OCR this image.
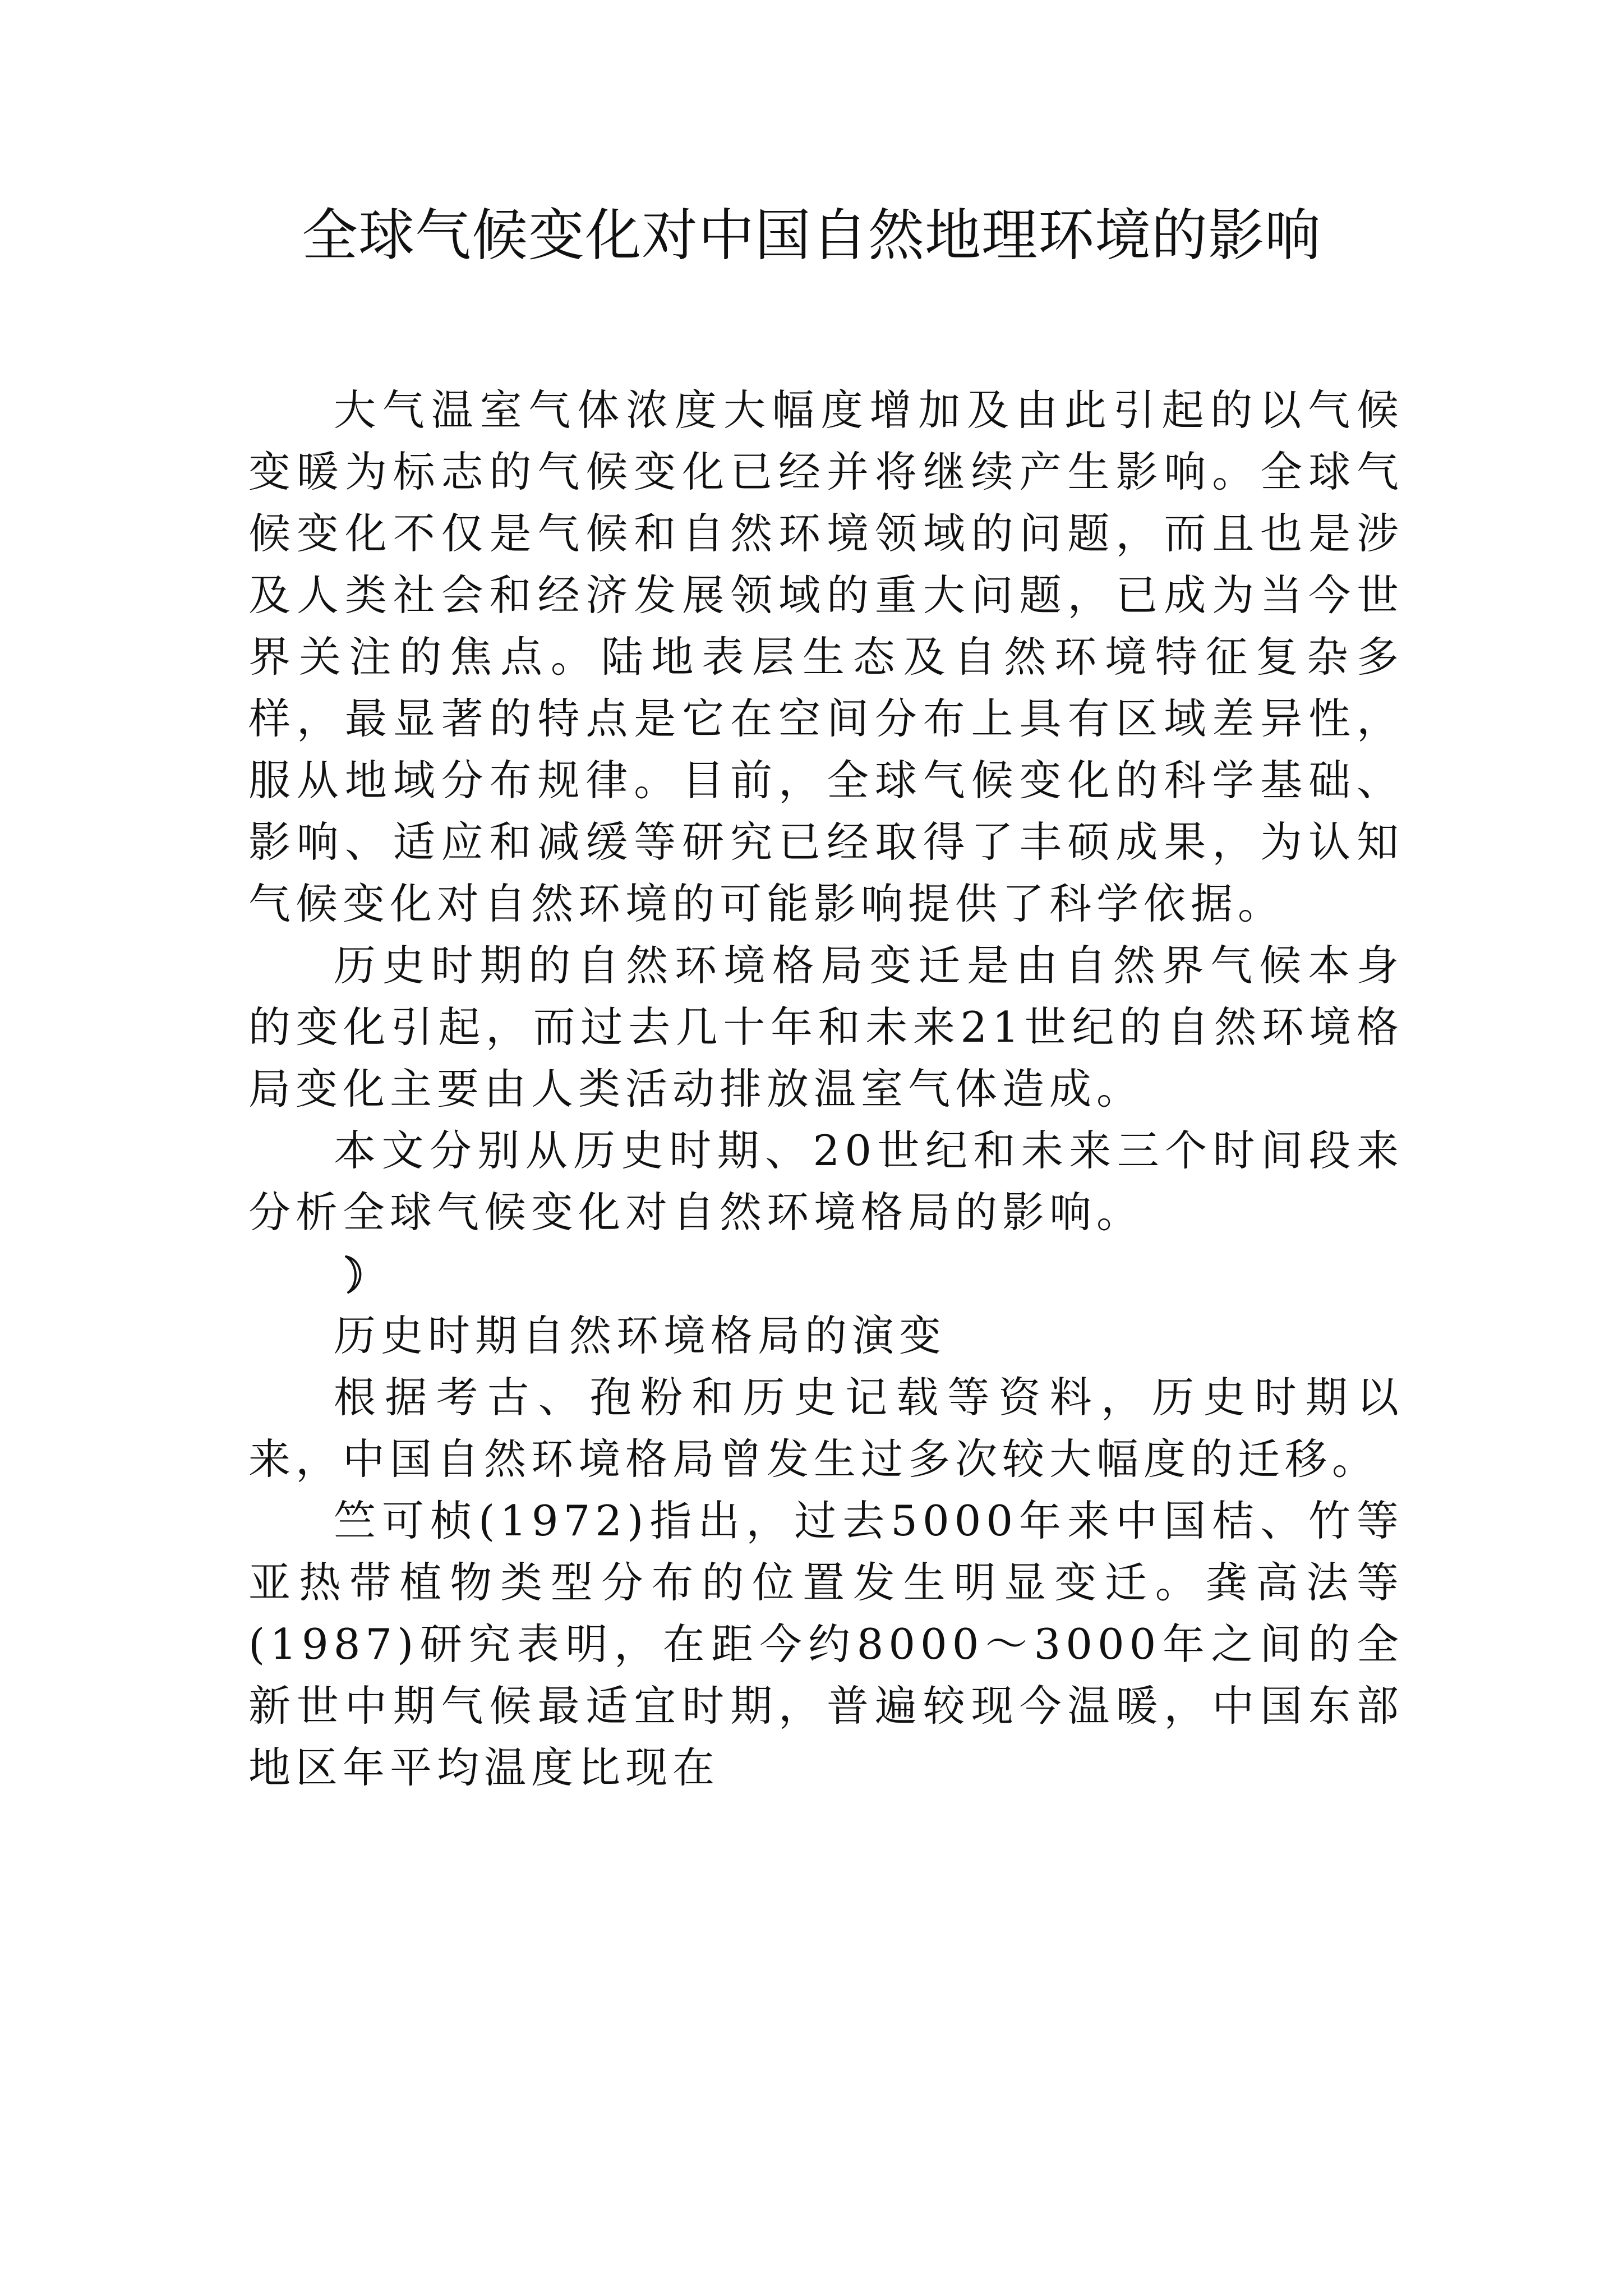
全球气候变化对中国自然地理环境的影响

大气温室气体浓度大幅度增加及由此引起的以气候变暖为标志的气候变化已经并将继续产生影响。全球气候变化不仅是气候和自然环境领域的问题，而且也是涉及人类社会和经济发展领域的重大问题，已成为当今世界关注的焦点。陆地表层生态及自然环境特征复杂多样，最显著的特点是它在空间分布上具有区域差异性，服从地域分布规律。目前，全球气候变化的科学基础、影响、适应和减缓等研究已经取得了丰硕成果，为认知气候变化对自然环境的可能影响提供了科学依据。

历史时期的自然环境格局变迁是由自然界气候本身的变化引起，而过去几十年和未来21世纪的自然环境格局变化主要由人类活动排放温室气体造成。

本文分别从历史时期、20世纪和未来三个时间段来分析全球气候变化对自然环境格局的影响。

历史时期自然环境格局的演变

根据考古、孢粉和历史记载等资料，历史时期以来，中国自然环境格局曾发生过多次较大幅度的迁移。

竺可桢(1972)指出，过去5000年来中国桔、竹等亚热带植物类型分布的位置发生明显变迁。龚高法等(1987)研究表明，在距今约8000～3000年之间的全新世中期气候最适宜时期，普遍较现今温暖，中国东部地区年平均温度比现在
